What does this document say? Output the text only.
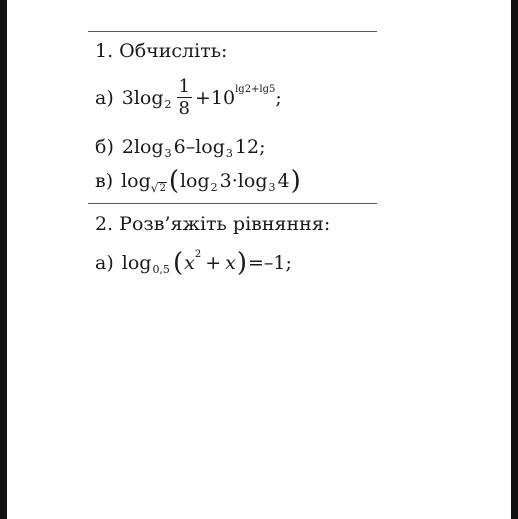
1. Обчисліть:
а) 3log $2 \frac{1}{8} +10$ lg2+lg5 ;
б) 2log 3 6 –log 3 12;
в) log √ 2 ( log 2 3·log 3 4 )
2. Розв’яжіть рівняння:
а) log 0,5 ( x 2 + x ) =–1;
